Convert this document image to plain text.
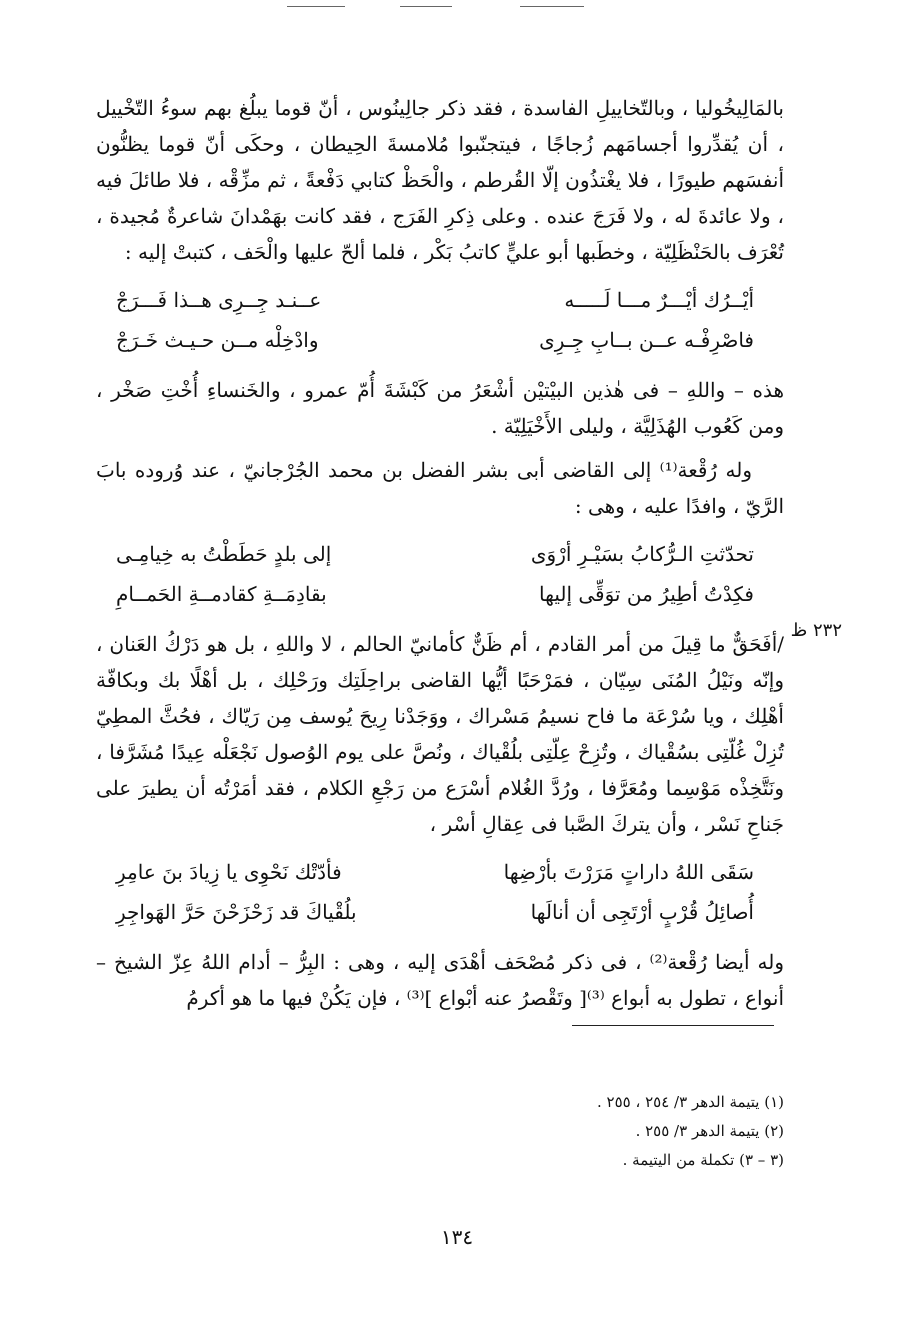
بالمَالِيخُوليا ، وبالتّخاييلِ الفاسدة ، فقد ذكر جالِينُوس ، أنّ قوما يبلُغ بهم سوءُ التّخْييل ، أن يُقدِّروا أجسامَهم زُجاجًا ، فيتجنّبوا مُلامسةَ الحِيطان ، وحكَى أنّ قوما يظنُّون أنفسَهم طيورًا ، فلا يغْتذُون إلّا القُرطم ، والْحَظْ كتابي دَفْعةً ، ثم مزِّقْه ، فلا طائلَ فيه ، ولا عائدةَ له ، ولا فَرَجَ عنده . وعلى ذِكرِ الفَرَج ، فقد كانت بهَمْدانَ شاعرةٌ مُجيدة ، تُعْرَف بالحَنْظَلِيّة ، وخطَبها أبو عليٍّ كاتبُ بَكْر ، فلما ألحّ عليها والْحَف ، كتبتْ إليه :

أيْــرُك أيْـــرٌ مـــا لَـــــه
عــنـد جِــرِى هــذا فَـــرَجْ
فاصْرِفْـه عــن بــابِ جِـرِى
وادْخِلْه مــن حـيـث خَـرَجْ

هذه – واللهِ – فى هٰذين البيْتيْن أشْعَرُ من كَبْشَةَ أُمّ عمرو ، والخَنساءِ أُخْتِ صَخْر ، ومن كَعُوب الهُذَلِيَّة ، وليلى الأَخْيَلِيّة .

وله رُقْعة⁽¹⁾ إلى القاضى أبى بشر الفضل بن محمد الجُرْجانيّ ، عند وُروده بابَ الرَّيّ ، وافدًا عليه ، وهى :

تحدّثتِ الـرُّكابُ بسَيْـرِ أرْوَى
إلى بلدٍ حَطَطْتُ به خِيامِـى
فكِدْتُ أطِيرُ من توَقِّى إليها
بقادِمَــةِ كقادمــةِ الحَمــامِ

/أفَحَقٌّ ما قِيلَ من أمر القادم ، أم ظَنٌّ كأمانيّ الحالم ، لا واللهِ ، بل هو دَرْكُ العَنان ، وإنّه ونَيْلُ المُنَى سِيّان ، فمَرْحَبًا أيُّها القاضى براحِلَتِك ورَحْلِك ، بل أهْلًا بك وبكافّة أهْلِك ، ويا سُرْعَة ما فاح نسيمُ مَسْراك ، ووَجَدْنا رِيحَ يُوسف مِن رَيّاك ، فحُثَّ المطِيّ تُزِلْ غُلّتِى بسُقْياك ، وتُزِحْ عِلّتِى بلُقْياك ، ونُصَّ على يوم الوُصول نَجْعَلْه عِيدًا مُشَرَّفا ، ونَتَّخِذْه مَوْسِما ومُعَرَّفا ، ورُدَّ الغُلام أسْرَع من رَجْعِ الكلام ، فقد أمَرْتُه أن يطيرَ على جَناحِ نَسْر ، وأن يتركَ الصَّبا فى عِقالِ أسْر ،

سَقَى اللهُ داراتٍ مَرَرْتَ بأرْضِها
فأدّتْك نَحْوِى يا زِيادَ بنَ عامِرِ
أُصائِلُ قُرْبٍ أرْتَجِى أن أنالَها
بلُقْياكَ قد زَحْزَحْنَ حَرَّ الهَواجِرِ

وله أيضا رُقْعة⁽²⁾ ، فى ذكر مُصْحَف أهْدَى إليه ، وهى : البِرُّ – أدام اللهُ عِزّ الشيخ – أنواع ، تطول به أبواع ⁽³⁾[ وتَقْصرُ عنه أبْواع ]⁽³⁾ ، فإن يَكُنْ فيها ما هو أكرمُ

٢٣٢ ظ
(١) يتيمة الدهر ٣/ ٢٥٤ ، ٢٥٥ .
(٢) يتيمة الدهر ٣/ ٢٥٥ .
(٣ – ٣) تكملة من اليتيمة .
١٣٤
